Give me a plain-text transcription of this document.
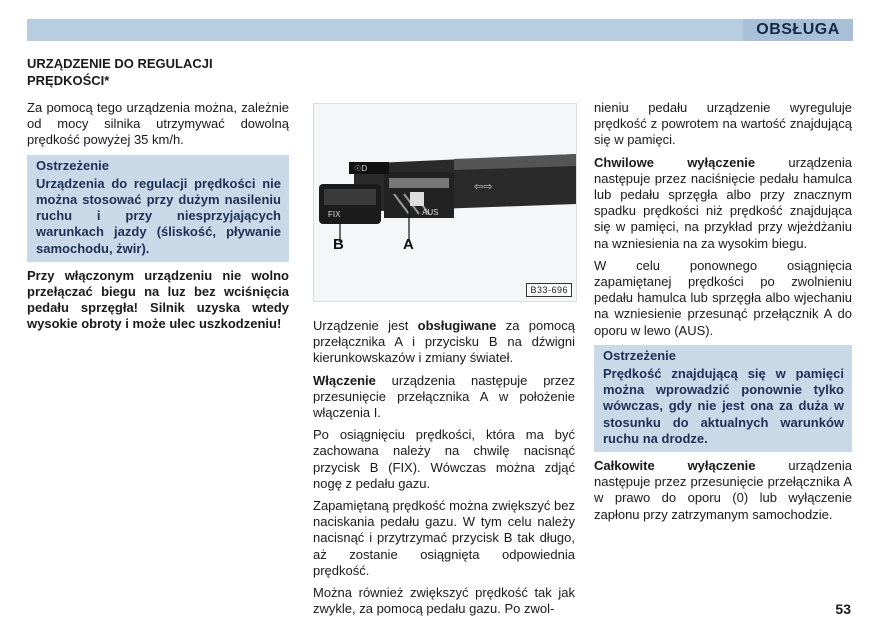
OBSŁUGA
URZĄDZENIE DO REGULACJI
PRĘDKOŚCI*

Za pomocą tego urządzenia można, zależnie od mocy silnika utrzymywać dowolną prędkość powyżej 35 km/h.

Ostrzeżenie
Urządzenia do regulacji prędkości nie można stosować przy dużym nasileniu ruchu i przy niesprzyjających warunkach jazdy (śliskość, pływanie samochodu, żwir).

Przy włączonym urządzeniu nie wolno przełączać biegu na luz bez wciśnięcia pedału sprzęgła! Silnik uzyska wtedy wysokie obroty i może ulec uszkodzeniu!

FIX	AUS
⇦⇨
☉D
B	A
B33-696

Urządzenie jest obsługiwane za pomocą przełącznika A i przycisku B na dźwigni kierunkowskazów i zmiany świateł.

Włączenie urządzenia następuje przez przesunięcie przełącznika A w położenie włączenia I.

Po osiągnięciu prędkości, która ma być zachowana należy na chwilę nacisnąć przycisk B (FIX). Wówczas można zdjąć nogę z pedału gazu.

Zapamiętaną prędkość można zwiększyć bez naciskania pedału gazu. W tym celu należy nacisnąć i przytrzymać przycisk B tak długo, aż zostanie osiągnięta odpowiednia prędkość.

Można również zwiększyć prędkość tak jak zwykle, za pomocą pedału gazu. Po zwol-

nieniu pedału urządzenie wyreguluje prędkość z powrotem na wartość znajdującą się w pamięci.

Chwilowe wyłączenie urządzenia następuje przez naciśnięcie pedału hamulca lub pedału sprzęgła albo przy znacznym spadku prędkości niż prędkość znajdująca się w pamięci, na przykład przy wjeżdżaniu na wzniesienia na za wysokim biegu.

W celu ponownego osiągnięcia zapamiętanej prędkości po zwolnieniu pedału hamulca lub sprzęgła albo wjechaniu na wzniesienie przesunąć przełącznik A do oporu w lewo (AUS).

Ostrzeżenie
Prędkość znajdującą się w pamięci można wprowadzić ponownie tylko wówczas, gdy nie jest ona za duża w stosunku do aktualnych warunków ruchu na drodze.

Całkowite wyłączenie urządzenia następuje przez przesunięcie przełącznika A w prawo do oporu (0) lub wyłączenie zapłonu przy zatrzymanym samochodzie.

53
